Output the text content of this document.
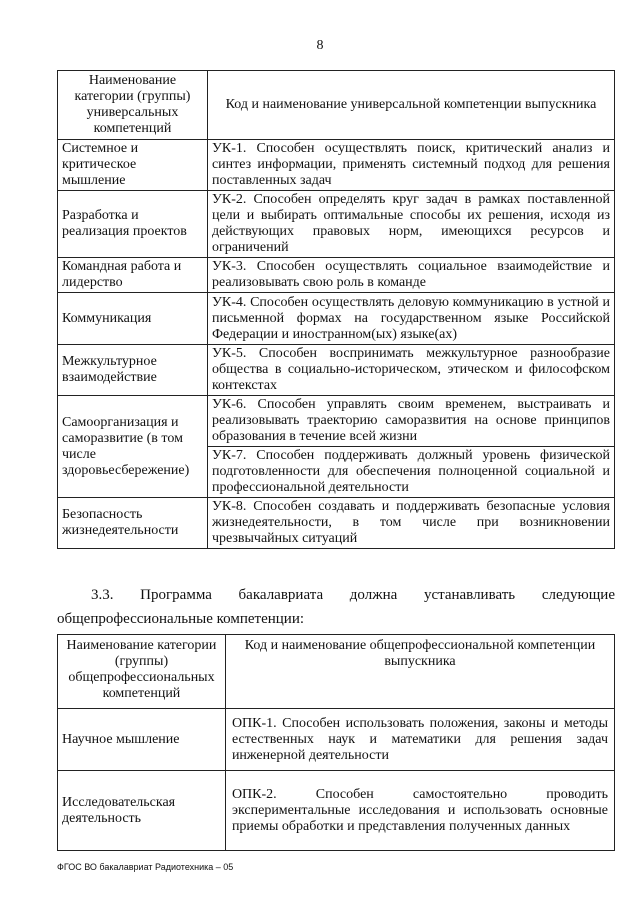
8
Наименование категории (группы) универсальных компетенций	Код и наименование универсальной компетенции выпускника
Системное и критическое мышление	УК-1. Способен осуществлять поиск, критический анализ и синтез информации, применять системный подход для решения поставленных задач
Разработка и реализация проектов	УК-2. Способен определять круг задач в рамках поставленной цели и выбирать оптимальные способы их решения, исходя из действующих правовых норм, имеющихся ресурсов и ограничений
Командная работа и лидерство	УК-3. Способен осуществлять социальное взаимодействие и реализовывать свою роль в команде
Коммуникация	УК-4. Способен осуществлять деловую коммуникацию в устной и письменной формах на государственном языке Российской Федерации и иностранном(ых) языке(ах)
Межкультурное взаимодействие	УК-5. Способен воспринимать межкультурное разнообразие общества в социально-историческом, этическом и философском контекстах
Самоорганизация и саморазвитие (в том числе здоровьесбережение)	УК-6. Способен управлять своим временем, выстраивать и реализовывать траекторию саморазвития на основе принципов образования в течение всей жизни
	УК-7. Способен поддерживать должный уровень физической подготовленности для обеспечения полноценной социальной и профессиональной деятельности
Безопасность жизнедеятельности	УК-8. Способен создавать и поддерживать безопасные условия жизнедеятельности, в том числе при возникновении чрезвычайных ситуаций
3.3. Программа бакалавриата должна устанавливать следующие
общепрофессиональные компетенции:
Наименование категории (группы) общепрофессиональных компетенций	Код и наименование общепрофессиональной компетенции выпускника
Научное мышление	ОПК-1. Способен использовать положения, законы и методы естественных наук и математики для решения задач инженерной деятельности
Исследовательская деятельность	ОПК-2. Способен самостоятельно проводить экспериментальные исследования и использовать основные приемы обработки и представления полученных данных
ФГОС ВО бакалавриат Радиотехника – 05
